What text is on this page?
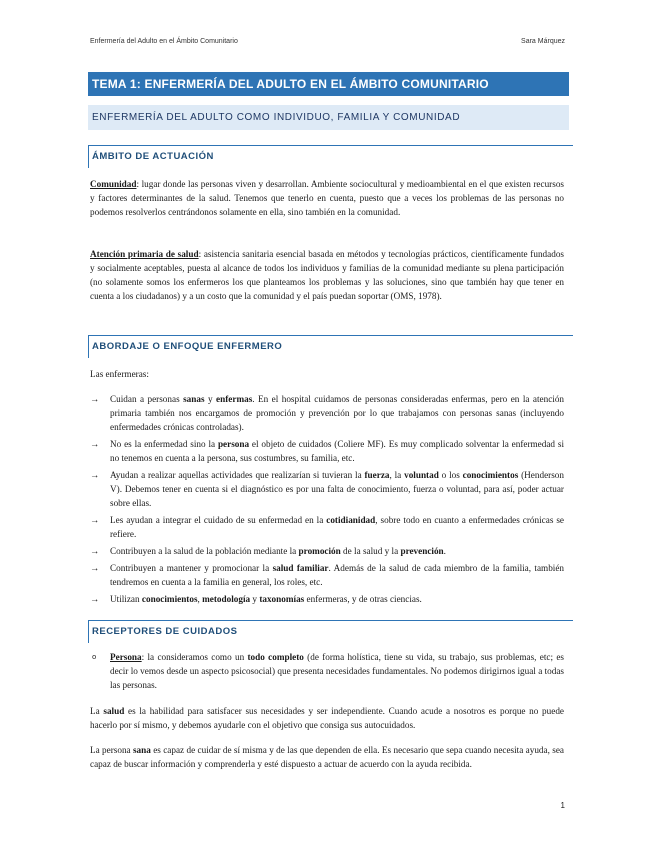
Enfermería del Adulto en el Ámbito Comunitario	Sara Márquez
TEMA 1: ENFERMERÍA DEL ADULTO EN EL ÁMBITO COMUNITARIO
ENFERMERÍA DEL ADULTO COMO INDIVIDUO, FAMILIA Y COMUNIDAD
ÁMBITO DE ACTUACIÓN

Comunidad: lugar donde las personas viven y desarrollan. Ambiente sociocultural y medioambiental en el que existen recursos y factores determinantes de la salud. Tenemos que tenerlo en cuenta, puesto que a veces los problemas de las personas no podemos resolverlos centrándonos solamente en ella, sino también en la comunidad.

Atención primaria de salud: asistencia sanitaria esencial basada en métodos y tecnologías prácticos, científicamente fundados y socialmente aceptables, puesta al alcance de todos los individuos y familias de la comunidad mediante su plena participación (no solamente somos los enfermeros los que planteamos los problemas y las soluciones, sino que también hay que tener en cuenta a los ciudadanos) y a un costo que la comunidad y el país puedan soportar (OMS, 1978).

ABORDAJE O ENFOQUE ENFERMERO

Las enfermeras:

→ Cuidan a personas sanas y enfermas. En el hospital cuidamos de personas consideradas enfermas, pero en la atención primaria también nos encargamos de promoción y prevención por lo que trabajamos con personas sanas (incluyendo enfermedades crónicas controladas).
→ No es la enfermedad sino la persona el objeto de cuidados (Coliere MF). Es muy complicado solventar la enfermedad si no tenemos en cuenta a la persona, sus costumbres, su familia, etc.
→ Ayudan a realizar aquellas actividades que realizarían si tuvieran la fuerza, la voluntad o los conocimientos (Henderson V). Debemos tener en cuenta si el diagnóstico es por una falta de conocimiento, fuerza o voluntad, para así, poder actuar sobre ellas.
→ Les ayudan a integrar el cuidado de su enfermedad en la cotidianidad, sobre todo en cuanto a enfermedades crónicas se refiere.
→ Contribuyen a la salud de la población mediante la promoción de la salud y la prevención.
→ Contribuyen a mantener y promocionar la salud familiar. Además de la salud de cada miembro de la familia, también tendremos en cuenta a la familia en general, los roles, etc.
→ Utilizan conocimientos, metodología y taxonomías enfermeras, y de otras ciencias.
RECEPTORES DE CUIDADOS
o Persona: la consideramos como un todo completo (de forma holística, tiene su vida, su trabajo, sus problemas, etc; es decir lo vemos desde un aspecto psicosocial) que presenta necesidades fundamentales. No podemos dirigirnos igual a todas las personas.

La salud es la habilidad para satisfacer sus necesidades y ser independiente. Cuando acude a nosotros es porque no puede hacerlo por sí mismo, y debemos ayudarle con el objetivo que consiga sus autocuidados.

La persona sana es capaz de cuidar de sí misma y de las que dependen de ella. Es necesario que sepa cuando necesita ayuda, sea capaz de buscar información y comprenderla y esté dispuesto a actuar de acuerdo con la ayuda recibida.

1
